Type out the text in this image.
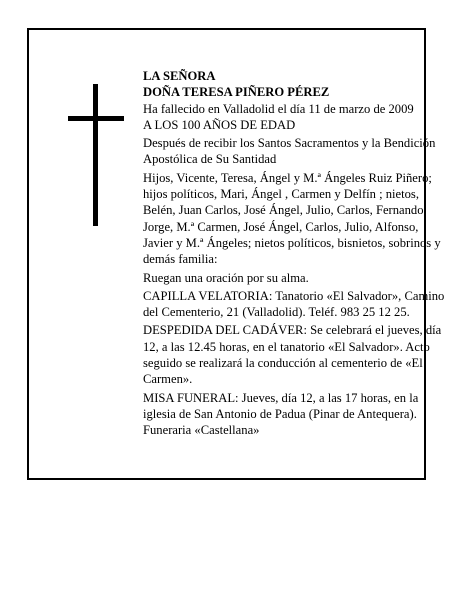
LA SEÑORA

DOÑA TERESA PIÑERO PÉREZ

Ha fallecido en Valladolid el día 11 de marzo de 2009

A LOS 100 AÑOS DE EDAD

Después de recibir los Santos Sacramentos y la Bendición Apostólica de Su Santidad

Hijos, Vicente, Teresa, Ángel y M.ª Ángeles Ruiz Piñero; hijos políticos, Mari, Ángel , Carmen y Delfín ; nietos, Belén, Juan Carlos, José Ángel, Julio, Carlos, Fernando, Jorge, M.ª Carmen, José Ángel, Carlos, Julio, Alfonso, Javier y M.ª Ángeles; nietos políticos, bisnietos, sobrinos y demás familia:

Ruegan una oración por su alma.

CAPILLA VELATORIA: Tanatorio «El Salvador», Camino del Cementerio, 21 (Valladolid). Teléf. 983 25 12 25.

DESPEDIDA DEL CADÁVER: Se celebrará el jueves, día 12, a las 12.45 horas, en el tanatorio «El Salvador». Acto seguido se realizará la conducción al cementerio de «El Carmen».

MISA FUNERAL: Jueves, día 12, a las 17 horas, en la iglesia de San Antonio de Padua (Pinar de Antequera).

Funeraria «Castellana»
